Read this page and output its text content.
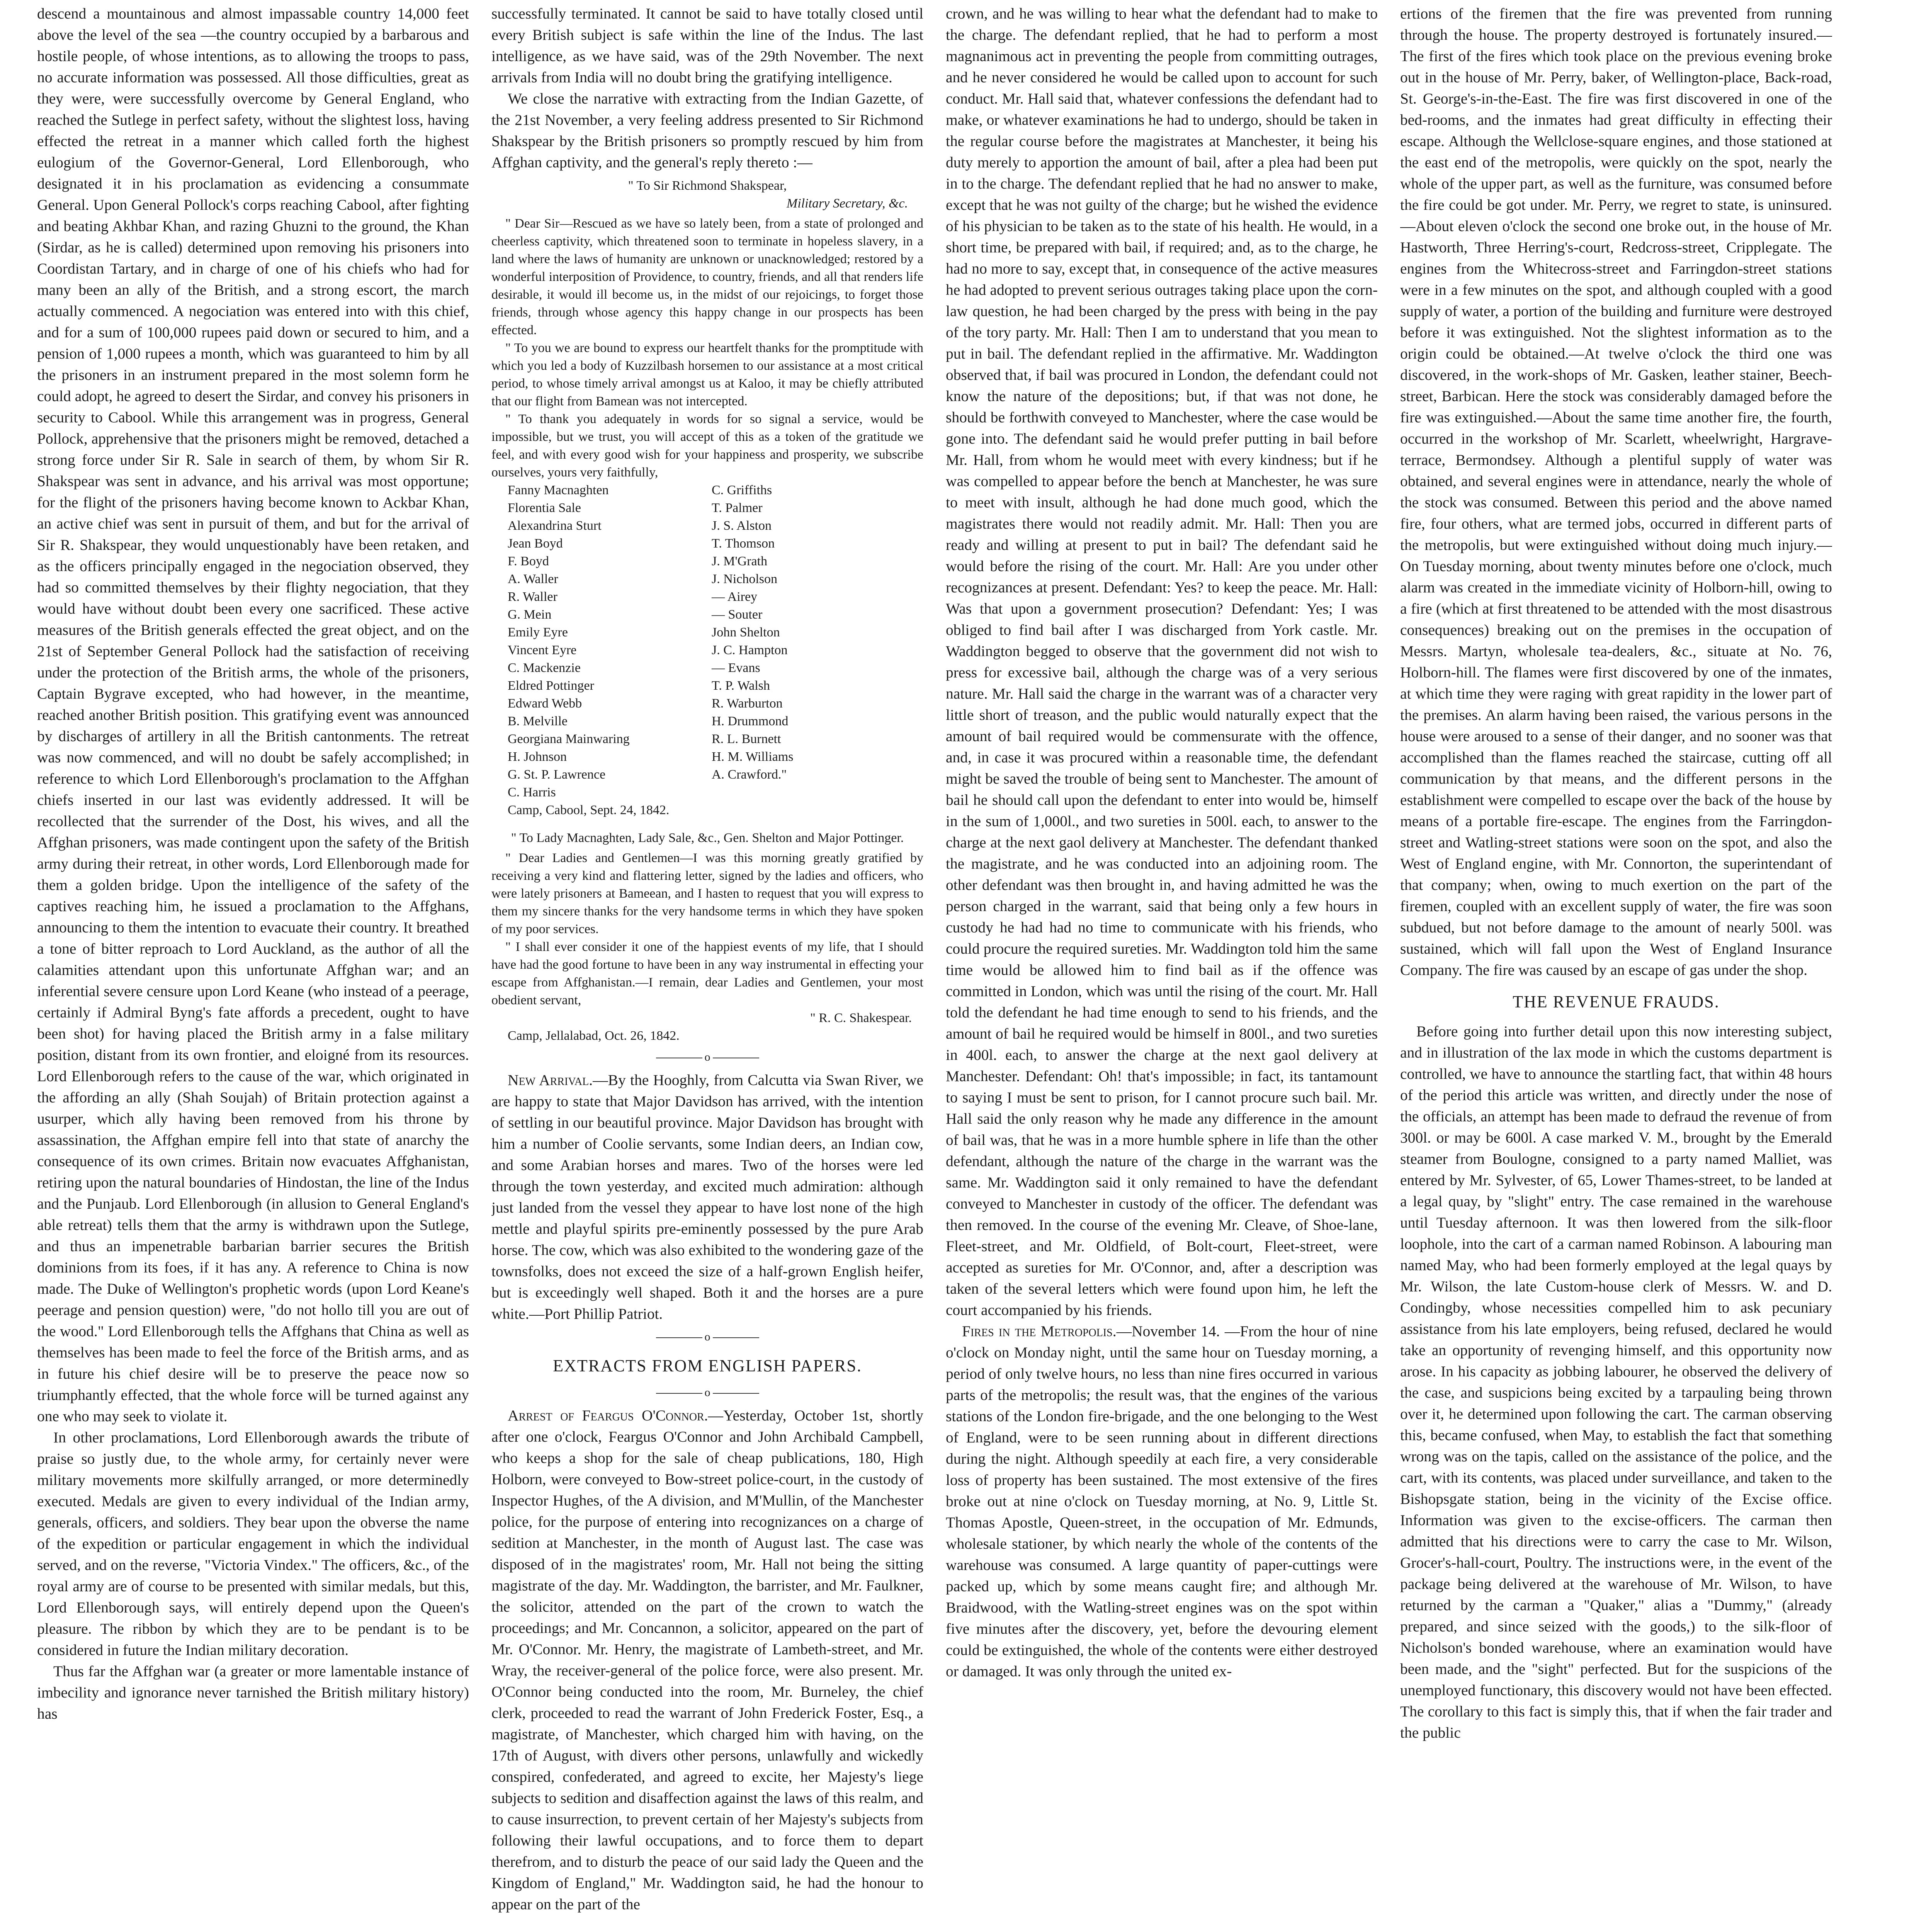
descend a mountainous and almost impassable country 14,000 feet above the level of the sea —the country occupied by a barbarous and hostile people, of whose intentions, as to allowing the troops to pass, no accurate information was possessed. All those difficulties, great as they were, were successfully overcome by General England, who reached the Sutlege in perfect safety, without the slightest loss, having effected the retreat in a manner which called forth the highest eulogium of the Governor-General, Lord Ellenborough, who designated it in his proclamation as evidencing a consummate General. Upon General Pollock's corps reaching Cabool, after fighting and beating Akhbar Khan, and razing Ghuzni to the ground, the Khan (Sirdar, as he is called) determined upon removing his prisoners into Coordistan Tartary, and in charge of one of his chiefs who had for many been an ally of the British, and a strong escort, the march actually commenced. A negociation was entered into with this chief, and for a sum of 100,000 rupees paid down or secured to him, and a pension of 1,000 rupees a month, which was guaranteed to him by all the prisoners in an instrument prepared in the most solemn form he could adopt, he agreed to desert the Sirdar, and convey his prisoners in security to Cabool. While this arrangement was in progress, General Pollock, apprehensive that the prisoners might be removed, detached a strong force under Sir R. Sale in search of them, by whom Sir R. Shakspear was sent in advance, and his arrival was most opportune; for the flight of the prisoners having become known to Ackbar Khan, an active chief was sent in pursuit of them, and but for the arrival of Sir R. Shakspear, they would unquestionably have been retaken, and as the officers principally engaged in the negociation observed, they had so committed themselves by their flighty negociation, that they would have without doubt been every one sacrificed. These active measures of the British generals effected the great object, and on the 21st of September General Pollock had the satisfaction of receiving under the protection of the British arms, the whole of the prisoners, Captain Bygrave excepted, who had however, in the meantime, reached another British position. This gratifying event was announced by discharges of artillery in all the British cantonments. The retreat was now commenced, and will no doubt be safely accomplished; in reference to which Lord Ellenborough's proclamation to the Affghan chiefs inserted in our last was evidently addressed. It will be recollected that the surrender of the Dost, his wives, and all the Affghan prisoners, was made contingent upon the safety of the British army during their retreat, in other words, Lord Ellenborough made for them a golden bridge. Upon the intelligence of the safety of the captives reaching him, he issued a proclamation to the Affghans, announcing to them the intention to evacuate their country. It breathed a tone of bitter reproach to Lord Auckland, as the author of all the calamities attendant upon this unfortunate Affghan war; and an inferential severe censure upon Lord Keane (who instead of a peerage, certainly if Admiral Byng's fate affords a precedent, ought to have been shot) for having placed the British army in a false military position, distant from its own frontier, and eloigné from its resources. Lord Ellenborough refers to the cause of the war, which originated in the affording an ally (Shah Soujah) of Britain protection against a usurper, which ally having been removed from his throne by assassination, the Affghan empire fell into that state of anarchy the consequence of its own crimes. Britain now evacuates Affghanistan, retiring upon the natural boundaries of Hindostan, the line of the Indus and the Punjaub. Lord Ellenborough (in allusion to General England's able retreat) tells them that the army is withdrawn upon the Sutlege, and thus an impenetrable barbarian barrier secures the British dominions from its foes, if it has any. A reference to China is now made. The Duke of Wellington's prophetic words (upon Lord Keane's peerage and pension question) were, "do not hollo till you are out of the wood." Lord Ellenborough tells the Affghans that China as well as themselves has been made to feel the force of the British arms, and as in future his chief desire will be to preserve the peace now so triumphantly effected, that the whole force will be turned against any one who may seek to violate it.

In other proclamations, Lord Ellenborough awards the tribute of praise so justly due, to the whole army, for certainly never were military movements more skilfully arranged, or more determinedly executed. Medals are given to every individual of the Indian army, generals, officers, and soldiers. They bear upon the obverse the name of the expedition or particular engagement in which the individual served, and on the reverse, "Victoria Vindex." The officers, &c., of the royal army are of course to be presented with similar medals, but this, Lord Ellenborough says, will entirely depend upon the Queen's pleasure. The ribbon by which they are to be pendant is to be considered in future the Indian military decoration.

Thus far the Affghan war (a greater or more lamentable instance of imbecility and ignorance never tarnished the British military history) has

successfully terminated. It cannot be said to have totally closed until every British subject is safe within the line of the Indus. The last intelligence, as we have said, was of the 29th November. The next arrivals from India will no doubt bring the gratifying intelligence.

We close the narrative with extracting from the Indian Gazette, of the 21st November, a very feeling address presented to Sir Richmond Shakspear by the British prisoners so promptly rescued by him from Affghan captivity, and the general's reply thereto :—

" To Sir Richmond Shakspear,
Military Secretary, &c.

" Dear Sir—Rescued as we have so lately been, from a state of prolonged and cheerless captivity, which threatened soon to terminate in hopeless slavery, in a land where the laws of humanity are unknown or unacknowledged; restored by a wonderful interposition of Providence, to country, friends, and all that renders life desirable, it would ill become us, in the midst of our rejoicings, to forget those friends, through whose agency this happy change in our prospects has been effected.

" To you we are bound to express our heartfelt thanks for the promptitude with which you led a body of Kuzzilbash horsemen to our assistance at a most critical period, to whose timely arrival amongst us at Kaloo, it may be chiefly attributed that our flight from Bamean was not intercepted.

" To thank you adequately in words for so signal a service, would be impossible, but we trust, you will accept of this as a token of the gratitude we feel, and with every good wish for your happiness and prosperity, we subscribe ourselves, yours very faithfully,

Fanny Macnaghten	C. Griffiths
Florentia Sale	T. Palmer
Alexandrina Sturt	J. S. Alston
Jean Boyd	T. Thomson
F. Boyd	J. M'Grath
A. Waller	J. Nicholson
R. Waller	— Airey
G. Mein	— Souter
Emily Eyre	John Shelton
Vincent Eyre	J. C. Hampton
C. Mackenzie	— Evans
Eldred Pottinger	T. P. Walsh
Edward Webb	R. Warburton
B. Melville	H. Drummond
Georgiana Mainwaring	R. L. Burnett
H. Johnson	H. M. Williams
G. St. P. Lawrence	A. Crawford."
C. Harris
Camp, Cabool, Sept. 24, 1842.
" To Lady Macnaghten, Lady Sale, &c., Gen. Shelton and Major Pottinger.

" Dear Ladies and Gentlemen—I was this morning greatly gratified by receiving a very kind and flattering letter, signed by the ladies and officers, who were lately prisoners at Bameean, and I hasten to request that you will express to them my sincere thanks for the very handsome terms in which they have spoken of my poor services.

" I shall ever consider it one of the happiest events of my life, that I should have had the good fortune to have been in any way instrumental in effecting your escape from Affghanistan.—I remain, dear Ladies and Gentlemen, your most obedient servant,

" R. C. Shakespear.
Camp, Jellalabad, Oct. 26, 1842.
o

New Arrival.—By the Hooghly, from Calcutta via Swan River, we are happy to state that Major Davidson has arrived, with the intention of settling in our beautiful province. Major Davidson has brought with him a number of Coolie servants, some Indian deers, an Indian cow, and some Arabian horses and mares. Two of the horses were led through the town yesterday, and excited much admiration: although just landed from the vessel they appear to have lost none of the high mettle and playful spirits pre-eminently possessed by the pure Arab horse. The cow, which was also exhibited to the wondering gaze of the townsfolks, does not exceed the size of a half-grown English heifer, but is exceedingly well shaped. Both it and the horses are a pure white.—Port Phillip Patriot.

o
EXTRACTS FROM ENGLISH PAPERS.
o

Arrest of Feargus O'Connor.—Yesterday, October 1st, shortly after one o'clock, Feargus O'Connor and John Archibald Campbell, who keeps a shop for the sale of cheap publications, 180, High Holborn, were conveyed to Bow-street police-court, in the custody of Inspector Hughes, of the A division, and M'Mullin, of the Manchester police, for the purpose of entering into recognizances on a charge of sedition at Manchester, in the month of August last. The case was disposed of in the magistrates' room, Mr. Hall not being the sitting magistrate of the day. Mr. Waddington, the barrister, and Mr. Faulkner, the solicitor, attended on the part of the crown to watch the proceedings; and Mr. Concannon, a solicitor, appeared on the part of Mr. O'Connor. Mr. Henry, the magistrate of Lambeth-street, and Mr. Wray, the receiver-general of the police force, were also present. Mr. O'Connor being conducted into the room, Mr. Burneley, the chief clerk, proceeded to read the warrant of John Frederick Foster, Esq., a magistrate, of Manchester, which charged him with having, on the 17th of August, with divers other persons, unlawfully and wickedly conspired, confederated, and agreed to excite, her Majesty's liege subjects to sedition and disaffection against the laws of this realm, and to cause insurrection, to prevent certain of her Majesty's subjects from following their lawful occupations, and to force them to depart therefrom, and to disturb the peace of our said lady the Queen and the Kingdom of England," Mr. Waddington said, he had the honour to appear on the part of the

crown, and he was willing to hear what the defendant had to make to the charge. The defendant replied, that he had to perform a most magnanimous act in preventing the people from committing outrages, and he never considered he would be called upon to account for such conduct. Mr. Hall said that, whatever confessions the defendant had to make, or whatever examinations he had to undergo, should be taken in the regular course before the magistrates at Manchester, it being his duty merely to apportion the amount of bail, after a plea had been put in to the charge. The defendant replied that he had no answer to make, except that he was not guilty of the charge; but he wished the evidence of his physician to be taken as to the state of his health. He would, in a short time, be prepared with bail, if required; and, as to the charge, he had no more to say, except that, in consequence of the active measures he had adopted to prevent serious outrages taking place upon the corn-law question, he had been charged by the press with being in the pay of the tory party. Mr. Hall: Then I am to understand that you mean to put in bail. The defendant replied in the affirmative. Mr. Waddington observed that, if bail was procured in London, the defendant could not know the nature of the depositions; but, if that was not done, he should be forthwith conveyed to Manchester, where the case would be gone into. The defendant said he would prefer putting in bail before Mr. Hall, from whom he would meet with every kindness; but if he was compelled to appear before the bench at Manchester, he was sure to meet with insult, although he had done much good, which the magistrates there would not readily admit. Mr. Hall: Then you are ready and willing at present to put in bail? The defendant said he would before the rising of the court. Mr. Hall: Are you under other recognizances at present. Defendant: Yes? to keep the peace. Mr. Hall: Was that upon a government prosecution? Defendant: Yes; I was obliged to find bail after I was discharged from York castle. Mr. Waddington begged to observe that the government did not wish to press for excessive bail, although the charge was of a very serious nature. Mr. Hall said the charge in the warrant was of a character very little short of treason, and the public would naturally expect that the amount of bail required would be commensurate with the offence, and, in case it was procured within a reasonable time, the defendant might be saved the trouble of being sent to Manchester. The amount of bail he should call upon the defendant to enter into would be, himself in the sum of 1,000l., and two sureties in 500l. each, to answer to the charge at the next gaol delivery at Manchester. The defendant thanked the magistrate, and he was conducted into an adjoining room. The other defendant was then brought in, and having admitted he was the person charged in the warrant, said that being only a few hours in custody he had had no time to communicate with his friends, who could procure the required sureties. Mr. Waddington told him the same time would be allowed him to find bail as if the offence was committed in London, which was until the rising of the court. Mr. Hall told the defendant he had time enough to send to his friends, and the amount of bail he required would be himself in 800l., and two sureties in 400l. each, to answer the charge at the next gaol delivery at Manchester. Defendant: Oh! that's impossible; in fact, its tantamount to saying I must be sent to prison, for I cannot procure such bail. Mr. Hall said the only reason why he made any difference in the amount of bail was, that he was in a more humble sphere in life than the other defendant, although the nature of the charge in the warrant was the same. Mr. Waddington said it only remained to have the defendant conveyed to Manchester in custody of the officer. The defendant was then removed. In the course of the evening Mr. Cleave, of Shoe-lane, Fleet-street, and Mr. Oldfield, of Bolt-court, Fleet-street, were accepted as sureties for Mr. O'Connor, and, after a description was taken of the several letters which were found upon him, he left the court accompanied by his friends.

Fires in the Metropolis.—November 14. —From the hour of nine o'clock on Monday night, until the same hour on Tuesday morning, a period of only twelve hours, no less than nine fires occurred in various parts of the metropolis; the result was, that the engines of the various stations of the London fire-brigade, and the one belonging to the West of England, were to be seen running about in different directions during the night. Although speedily at each fire, a very considerable loss of property has been sustained. The most extensive of the fires broke out at nine o'clock on Tuesday morning, at No. 9, Little St. Thomas Apostle, Queen-street, in the occupation of Mr. Edmunds, wholesale stationer, by which nearly the whole of the contents of the warehouse was consumed. A large quantity of paper-cuttings were packed up, which by some means caught fire; and although Mr. Braidwood, with the Watling-street engines was on the spot within five minutes after the discovery, yet, before the devouring element could be extinguished, the whole of the contents were either destroyed or damaged. It was only through the united ex-

ertions of the firemen that the fire was prevented from running through the house. The property destroyed is fortunately insured.—The first of the fires which took place on the previous evening broke out in the house of Mr. Perry, baker, of Wellington-place, Back-road, St. George's-in-the-East. The fire was first discovered in one of the bed-rooms, and the inmates had great difficulty in effecting their escape. Although the Wellclose-square engines, and those stationed at the east end of the metropolis, were quickly on the spot, nearly the whole of the upper part, as well as the furniture, was consumed before the fire could be got under. Mr. Perry, we regret to state, is uninsured.—About eleven o'clock the second one broke out, in the house of Mr. Hastworth, Three Herring's-court, Redcross-street, Cripplegate. The engines from the Whitecross-street and Farringdon-street stations were in a few minutes on the spot, and although coupled with a good supply of water, a portion of the building and furniture were destroyed before it was extinguished. Not the slightest information as to the origin could be obtained.—At twelve o'clock the third one was discovered, in the work-shops of Mr. Gasken, leather stainer, Beech-street, Barbican. Here the stock was considerably damaged before the fire was extinguished.—About the same time another fire, the fourth, occurred in the workshop of Mr. Scarlett, wheelwright, Hargrave-terrace, Bermondsey. Although a plentiful supply of water was obtained, and several engines were in attendance, nearly the whole of the stock was consumed. Between this period and the above named fire, four others, what are termed jobs, occurred in different parts of the metropolis, but were extinguished without doing much injury.—On Tuesday morning, about twenty minutes before one o'clock, much alarm was created in the immediate vicinity of Holborn-hill, owing to a fire (which at first threatened to be attended with the most disastrous consequences) breaking out on the premises in the occupation of Messrs. Martyn, wholesale tea-dealers, &c., situate at No. 76, Holborn-hill. The flames were first discovered by one of the inmates, at which time they were raging with great rapidity in the lower part of the premises. An alarm having been raised, the various persons in the house were aroused to a sense of their danger, and no sooner was that accomplished than the flames reached the staircase, cutting off all communication by that means, and the different persons in the establishment were compelled to escape over the back of the house by means of a portable fire-escape. The engines from the Farringdon-street and Watling-street stations were soon on the spot, and also the West of England engine, with Mr. Connorton, the superintendant of that company; when, owing to much exertion on the part of the firemen, coupled with an excellent supply of water, the fire was soon subdued, but not before damage to the amount of nearly 500l. was sustained, which will fall upon the West of England Insurance Company. The fire was caused by an escape of gas under the shop.

THE REVENUE FRAUDS.

Before going into further detail upon this now interesting subject, and in illustration of the lax mode in which the customs department is controlled, we have to announce the startling fact, that within 48 hours of the period this article was written, and directly under the nose of the officials, an attempt has been made to defraud the revenue of from 300l. or may be 600l. A case marked V. M., brought by the Emerald steamer from Boulogne, consigned to a party named Malliet, was entered by Mr. Sylvester, of 65, Lower Thames-street, to be landed at a legal quay, by "slight" entry. The case remained in the warehouse until Tuesday afternoon. It was then lowered from the silk-floor loophole, into the cart of a carman named Robinson. A labouring man named May, who had been formerly employed at the legal quays by Mr. Wilson, the late Custom-house clerk of Messrs. W. and D. Condingby, whose necessities compelled him to ask pecuniary assistance from his late employers, being refused, declared he would take an opportunity of revenging himself, and this opportunity now arose. In his capacity as jobbing labourer, he observed the delivery of the case, and suspicions being excited by a tarpauling being thrown over it, he determined upon following the cart. The carman observing this, became confused, when May, to establish the fact that something wrong was on the tapis, called on the assistance of the police, and the cart, with its contents, was placed under surveillance, and taken to the Bishopsgate station, being in the vicinity of the Excise office. Information was given to the excise-officers. The carman then admitted that his directions were to carry the case to Mr. Wilson, Grocer's-hall-court, Poultry. The instructions were, in the event of the package being delivered at the warehouse of Mr. Wilson, to have returned by the carman a "Quaker," alias a "Dummy," (already prepared, and since seized with the goods,) to the silk-floor of Nicholson's bonded warehouse, where an examination would have been made, and the "sight" perfected. But for the suspicions of the unemployed functionary, this discovery would not have been effected. The corollary to this fact is simply this, that if when the fair trader and the public
